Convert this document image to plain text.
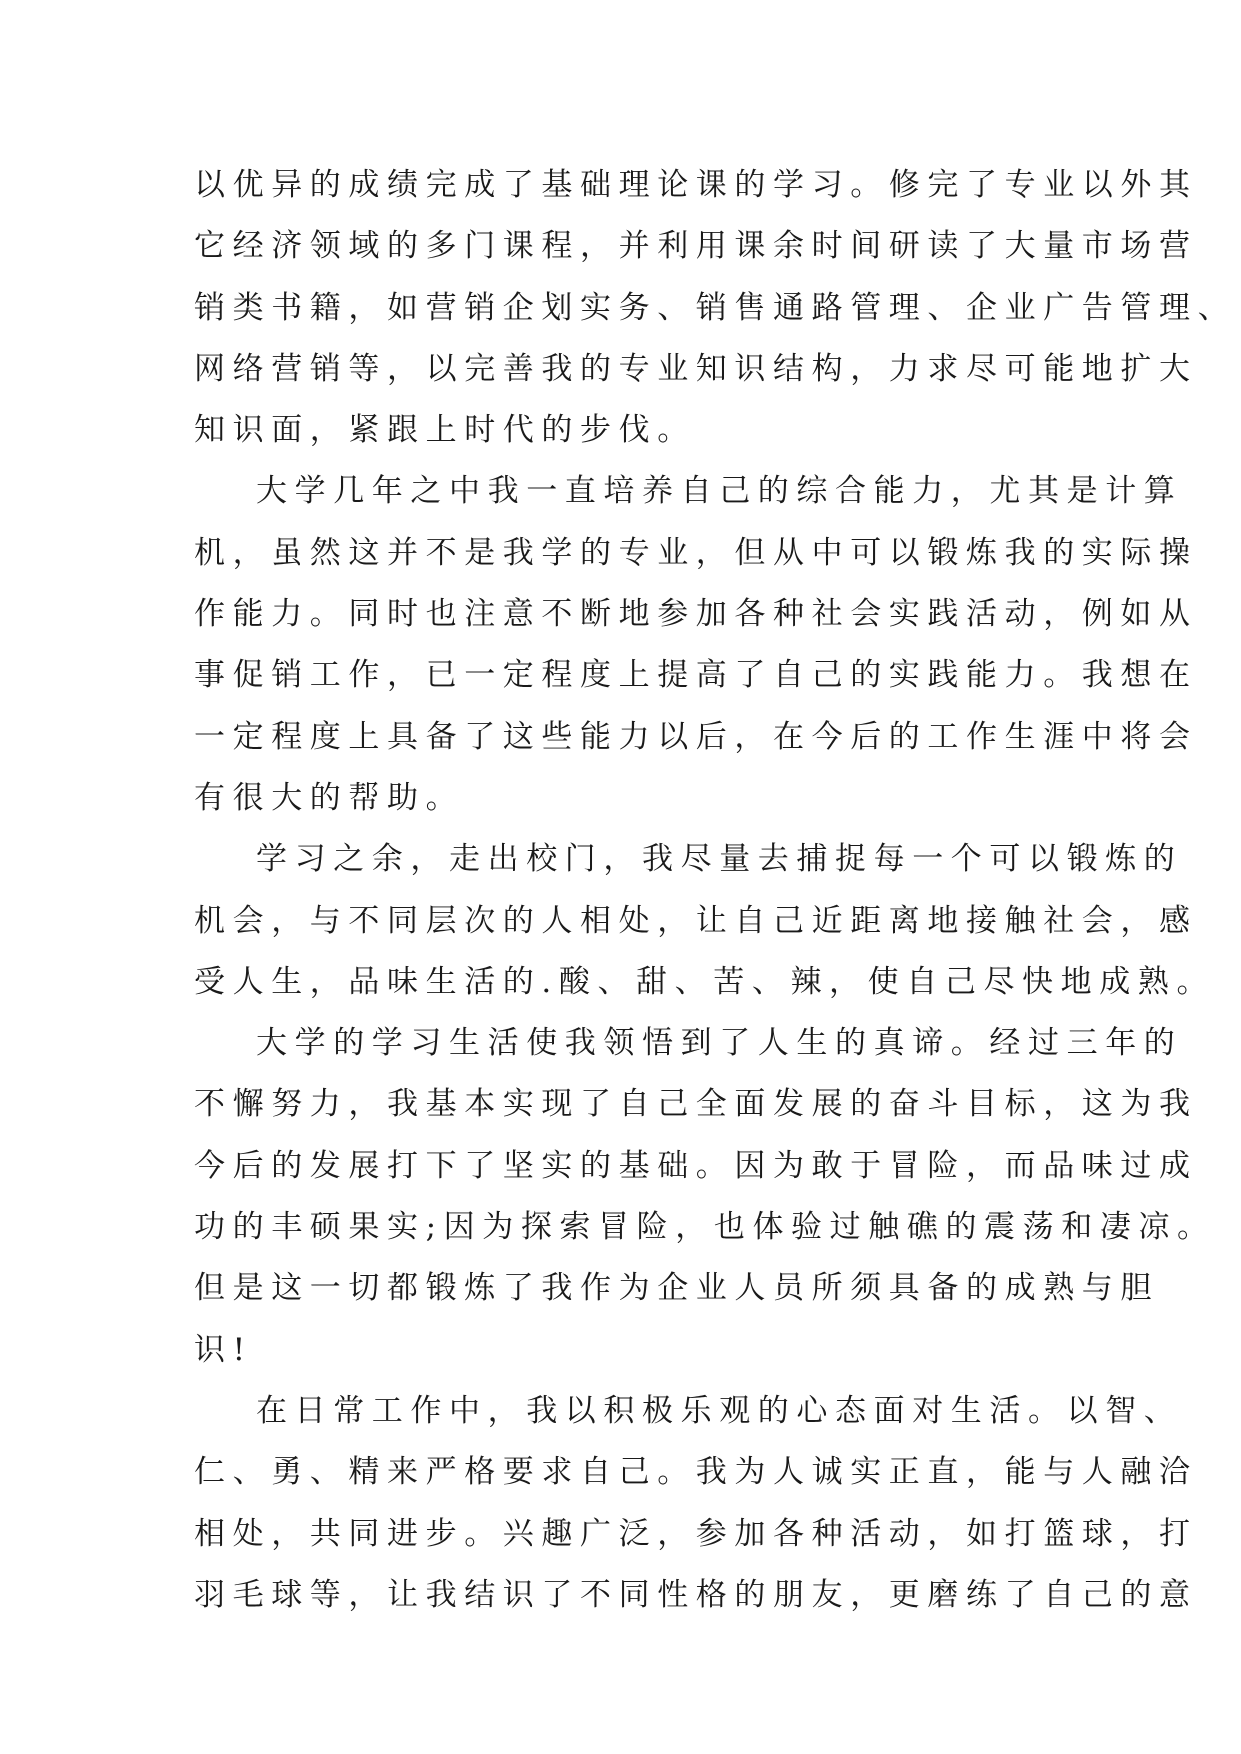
以优异的成绩完成了基础理论课的学习。修完了专业以外其
它经济领域的多门课程，并利用课余时间研读了大量市场营
销类书籍，如营销企划实务、销售通路管理、企业广告管理、
网络营销等，以完善我的专业知识结构，力求尽可能地扩大
知识面，紧跟上时代的步伐。
大学几年之中我一直培养自己的综合能力，尤其是计算
机，虽然这并不是我学的专业，但从中可以锻炼我的实际操
作能力。同时也注意不断地参加各种社会实践活动，例如从
事促销工作，已一定程度上提高了自己的实践能力。我想在
一定程度上具备了这些能力以后，在今后的工作生涯中将会
有很大的帮助。
学习之余，走出校门，我尽量去捕捉每一个可以锻炼的
机会，与不同层次的人相处，让自己近距离地接触社会，感
受人生，品味生活的.酸、甜、苦、辣，使自己尽快地成熟。
大学的学习生活使我领悟到了人生的真谛。经过三年的
不懈努力，我基本实现了自己全面发展的奋斗目标，这为我
今后的发展打下了坚实的基础。因为敢于冒险，而品味过成
功的丰硕果实;因为探索冒险，也体验过触礁的震荡和凄凉。
但是这一切都锻炼了我作为企业人员所须具备的成熟与胆
识!
在日常工作中，我以积极乐观的心态面对生活。以智、
仁、勇、精来严格要求自己。我为人诚实正直，能与人融洽
相处，共同进步。兴趣广泛，参加各种活动，如打篮球，打
羽毛球等，让我结识了不同性格的朋友，更磨练了自己的意
